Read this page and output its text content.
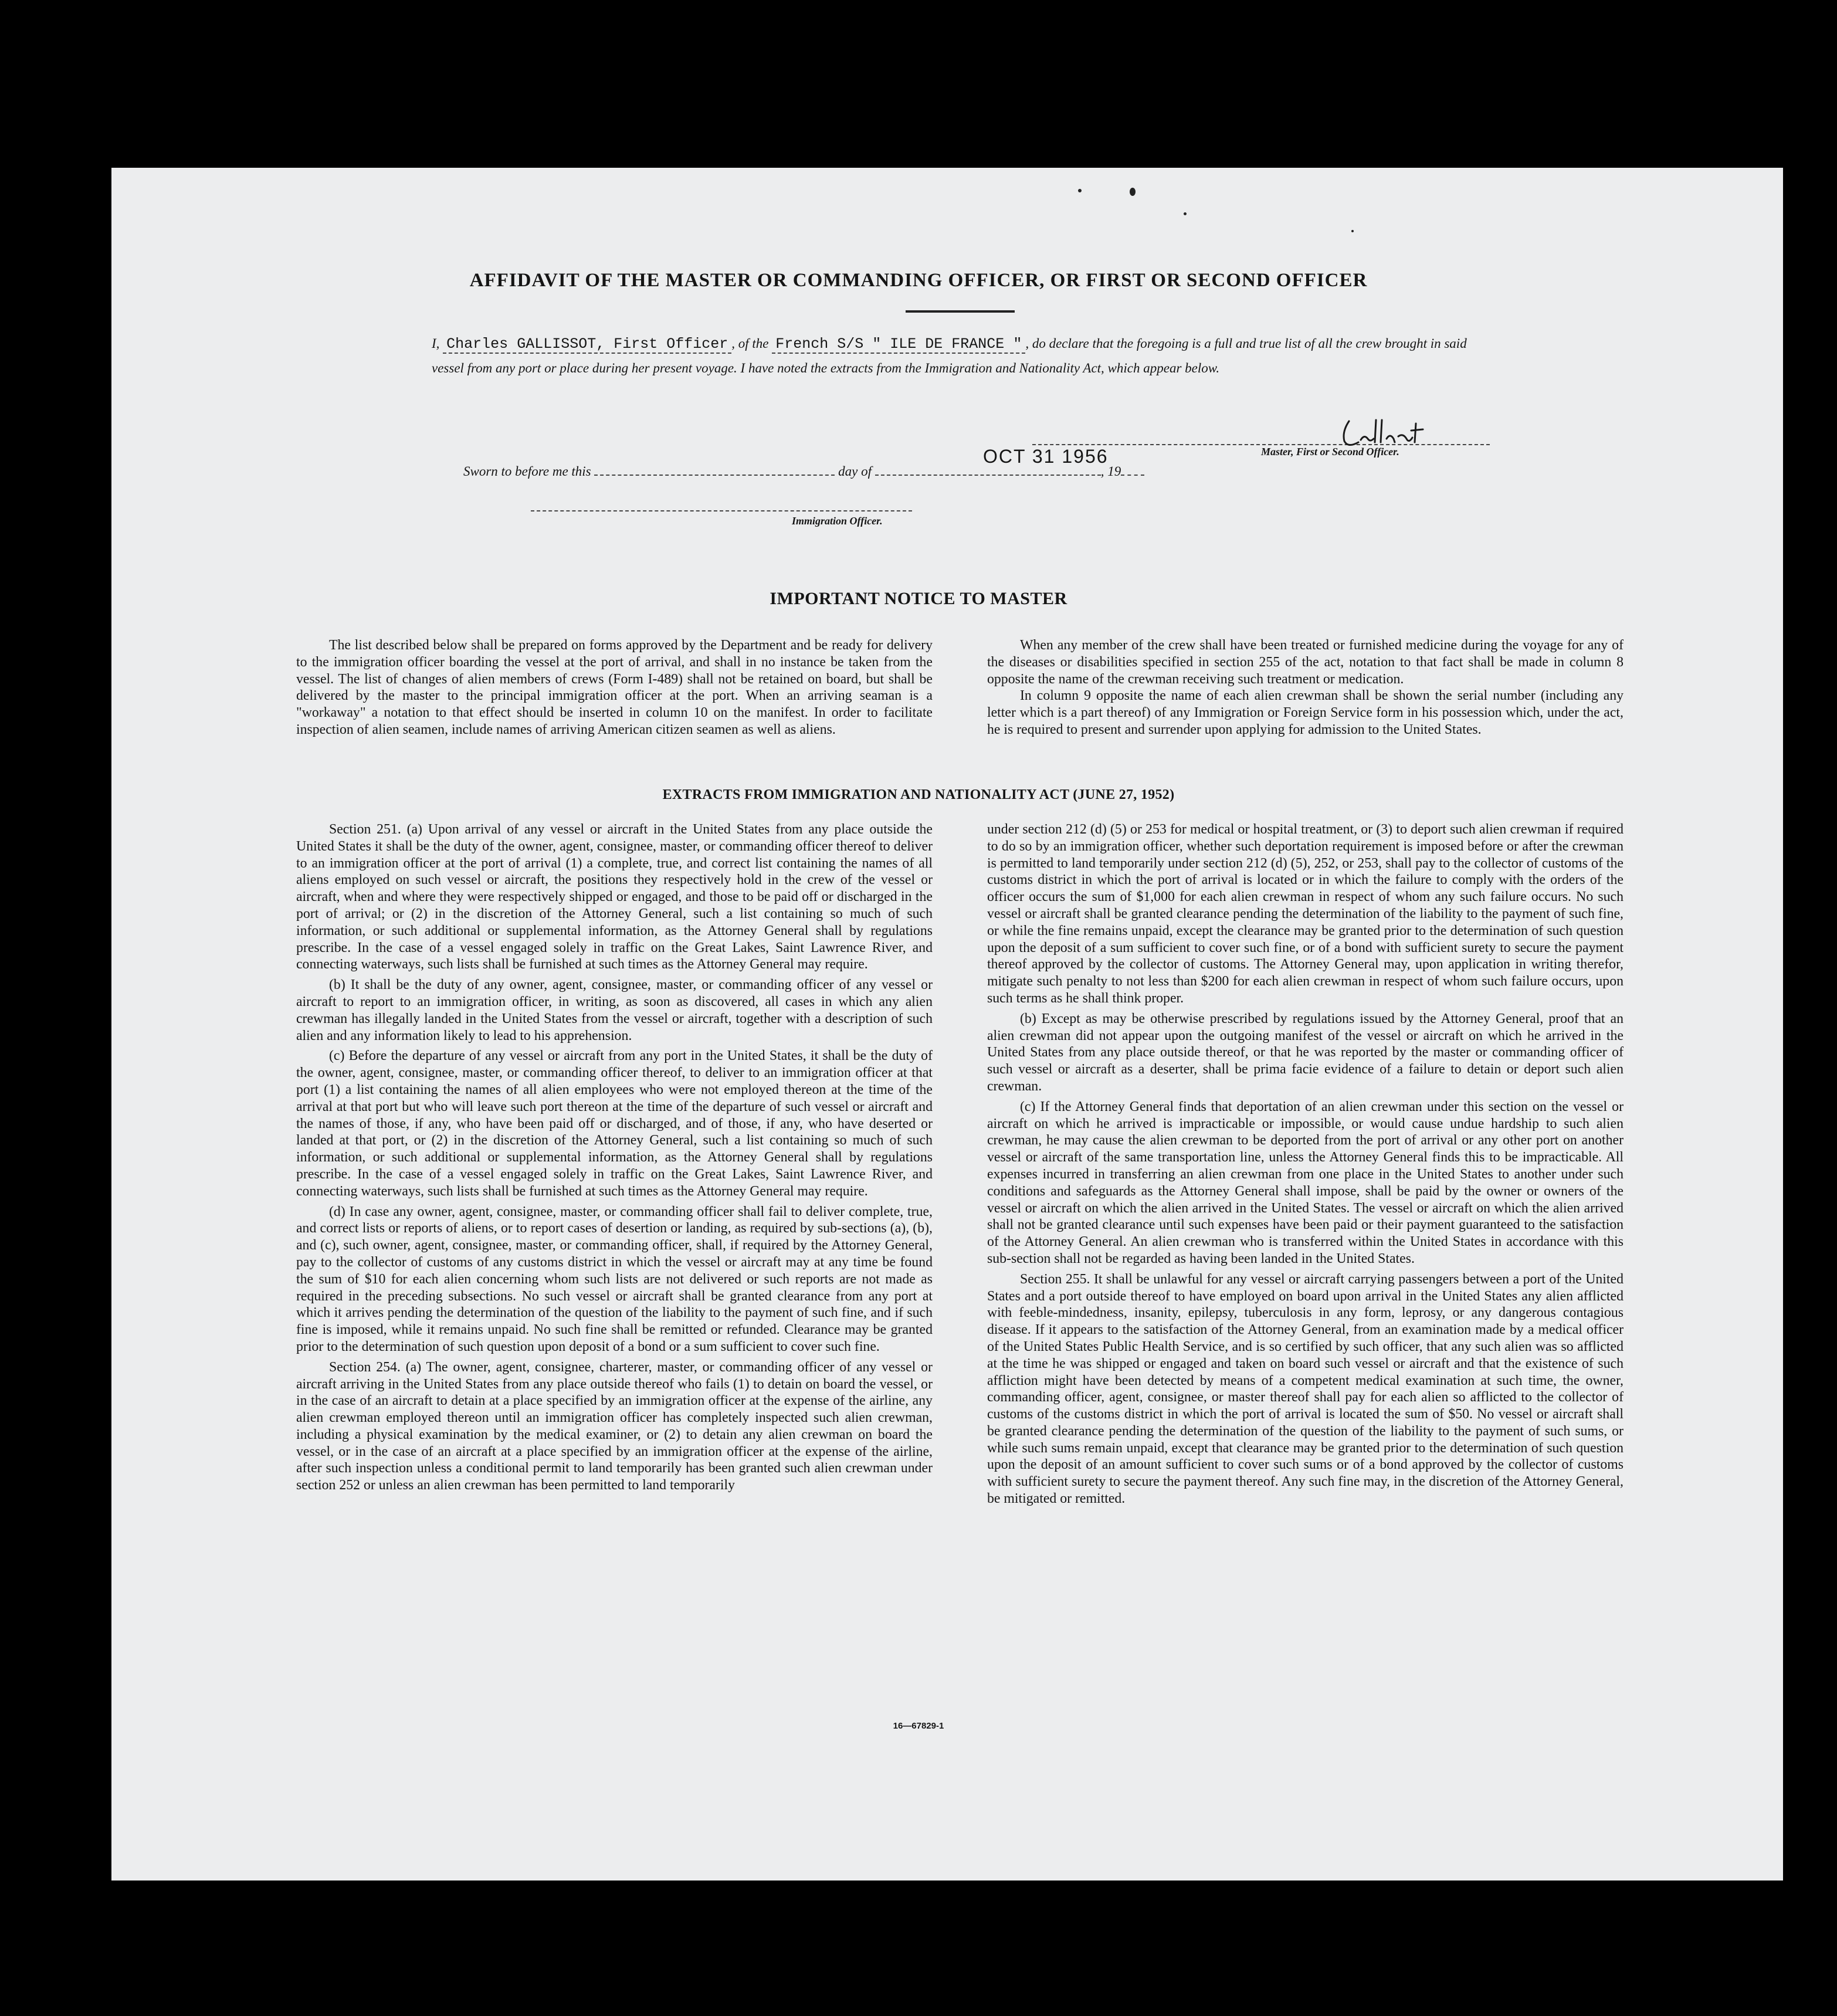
AFFIDAVIT OF THE MASTER OR COMMANDING OFFICER, OR FIRST OR SECOND OFFICER
I, Charles GALLISSOT, First Officer , of the French S/S " ILE DE FRANCE " , do declare that the foregoing is a full and true list of all the crew brought in said vessel from any port or place during her present voyage. I have noted the extracts from the Immigration and Nationality Act, which appear below.
Master, First or Second Officer.
OCT 31 1956
Sworn to before me this	day of	, 19
Immigration Officer.
IMPORTANT NOTICE TO MASTER

The list described below shall be prepared on forms approved by the Department and be ready for delivery to the immigration officer boarding the vessel at the port of arrival, and shall in no instance be taken from the vessel. The list of changes of alien members of crews (Form I-489) shall not be retained on board, but shall be delivered by the master to the principal immigration officer at the port. When an arriving seaman is a "workaway" a notation to that effect should be inserted in column 10 on the manifest. In order to facilitate inspection of alien seamen, include names of arriving American citizen seamen as well as aliens.

When any member of the crew shall have been treated or furnished medicine during the voyage for any of the diseases or disabilities specified in section 255 of the act, notation to that fact shall be made in column 8 opposite the name of the crewman receiving such treatment or medication.

In column 9 opposite the name of each alien crewman shall be shown the serial number (including any letter which is a part thereof) of any Immigration or Foreign Service form in his possession which, under the act, he is required to present and surrender upon applying for admission to the United States.

EXTRACTS FROM IMMIGRATION AND NATIONALITY ACT (JUNE 27, 1952)

Section 251. (a) Upon arrival of any vessel or aircraft in the United States from any place outside the United States it shall be the duty of the owner, agent, consignee, master, or commanding officer thereof to deliver to an immigration officer at the port of arrival (1) a complete, true, and correct list containing the names of all aliens employed on such vessel or aircraft, the positions they respectively hold in the crew of the vessel or aircraft, when and where they were respectively shipped or engaged, and those to be paid off or discharged in the port of arrival; or (2) in the discretion of the Attorney General, such a list containing so much of such information, or such additional or supplemental information, as the Attorney General shall by regulations prescribe. In the case of a vessel engaged solely in traffic on the Great Lakes, Saint Lawrence River, and connecting waterways, such lists shall be furnished at such times as the Attorney General may require.

(b) It shall be the duty of any owner, agent, consignee, master, or commanding officer of any vessel or aircraft to report to an immigration officer, in writing, as soon as discovered, all cases in which any alien crewman has illegally landed in the United States from the vessel or aircraft, together with a description of such alien and any information likely to lead to his apprehension.

(c) Before the departure of any vessel or aircraft from any port in the United States, it shall be the duty of the owner, agent, consignee, master, or commanding officer thereof, to deliver to an immigration officer at that port (1) a list containing the names of all alien employees who were not employed thereon at the time of the arrival at that port but who will leave such port thereon at the time of the departure of such vessel or aircraft and the names of those, if any, who have been paid off or discharged, and of those, if any, who have deserted or landed at that port, or (2) in the discretion of the Attorney General, such a list containing so much of such information, or such additional or supplemental information, as the Attorney General shall by regulations prescribe. In the case of a vessel engaged solely in traffic on the Great Lakes, Saint Lawrence River, and connecting waterways, such lists shall be furnished at such times as the Attorney General may require.

(d) In case any owner, agent, consignee, master, or commanding officer shall fail to deliver complete, true, and correct lists or reports of aliens, or to report cases of desertion or landing, as required by sub-sections (a), (b), and (c), such owner, agent, consignee, master, or commanding officer, shall, if required by the Attorney General, pay to the collector of customs of any customs district in which the vessel or aircraft may at any time be found the sum of $10 for each alien concerning whom such lists are not delivered or such reports are not made as required in the preceding subsections. No such vessel or aircraft shall be granted clearance from any port at which it arrives pending the determination of the question of the liability to the payment of such fine, and if such fine is imposed, while it remains unpaid. No such fine shall be remitted or refunded. Clearance may be granted prior to the determination of such question upon deposit of a bond or a sum sufficient to cover such fine.

Section 254. (a) The owner, agent, consignee, charterer, master, or commanding officer of any vessel or aircraft arriving in the United States from any place outside thereof who fails (1) to detain on board the vessel, or in the case of an aircraft to detain at a place specified by an immigration officer at the expense of the airline, any alien crewman employed thereon until an immigration officer has completely inspected such alien crewman, including a physical examination by the medical examiner, or (2) to detain any alien crewman on board the vessel, or in the case of an aircraft at a place specified by an immigration officer at the expense of the airline, after such inspection unless a conditional permit to land temporarily has been granted such alien crewman under section 252 or unless an alien crewman has been permitted to land temporarily

under section 212 (d) (5) or 253 for medical or hospital treatment, or (3) to deport such alien crewman if required to do so by an immigration officer, whether such deportation requirement is imposed before or after the crewman is permitted to land temporarily under section 212 (d) (5), 252, or 253, shall pay to the collector of customs of the customs district in which the port of arrival is located or in which the failure to comply with the orders of the officer occurs the sum of $1,000 for each alien crewman in respect of whom any such failure occurs. No such vessel or aircraft shall be granted clearance pending the determination of the liability to the payment of such fine, or while the fine remains unpaid, except the clearance may be granted prior to the determination of such question upon the deposit of a sum sufficient to cover such fine, or of a bond with sufficient surety to secure the payment thereof approved by the collector of customs. The Attorney General may, upon application in writing therefor, mitigate such penalty to not less than $200 for each alien crewman in respect of whom such failure occurs, upon such terms as he shall think proper.

(b) Except as may be otherwise prescribed by regulations issued by the Attorney General, proof that an alien crewman did not appear upon the outgoing manifest of the vessel or aircraft on which he arrived in the United States from any place outside thereof, or that he was reported by the master or commanding officer of such vessel or aircraft as a deserter, shall be prima facie evidence of a failure to detain or deport such alien crewman.

(c) If the Attorney General finds that deportation of an alien crewman under this section on the vessel or aircraft on which he arrived is impracticable or impossible, or would cause undue hardship to such alien crewman, he may cause the alien crewman to be deported from the port of arrival or any other port on another vessel or aircraft of the same transportation line, unless the Attorney General finds this to be impracticable. All expenses incurred in transferring an alien crewman from one place in the United States to another under such conditions and safeguards as the Attorney General shall impose, shall be paid by the owner or owners of the vessel or aircraft on which the alien arrived in the United States. The vessel or aircraft on which the alien arrived shall not be granted clearance until such expenses have been paid or their payment guaranteed to the satisfaction of the Attorney General. An alien crewman who is transferred within the United States in accordance with this sub-section shall not be regarded as having been landed in the United States.

Section 255. It shall be unlawful for any vessel or aircraft carrying passengers between a port of the United States and a port outside thereof to have employed on board upon arrival in the United States any alien afflicted with feeble-mindedness, insanity, epilepsy, tuberculosis in any form, leprosy, or any dangerous contagious disease. If it appears to the satisfaction of the Attorney General, from an examination made by a medical officer of the United States Public Health Service, and is so certified by such officer, that any such alien was so afflicted at the time he was shipped or engaged and taken on board such vessel or aircraft and that the existence of such affliction might have been detected by means of a competent medical examination at such time, the owner, commanding officer, agent, consignee, or master thereof shall pay for each alien so afflicted to the collector of customs of the customs district in which the port of arrival is located the sum of $50. No vessel or aircraft shall be granted clearance pending the determination of the question of the liability to the payment of such sums, or while such sums remain unpaid, except that clearance may be granted prior to the determination of such question upon the deposit of an amount sufficient to cover such sums or of a bond approved by the collector of customs with sufficient surety to secure the payment thereof. Any such fine may, in the discretion of the Attorney General, be mitigated or remitted.

16—67829-1
